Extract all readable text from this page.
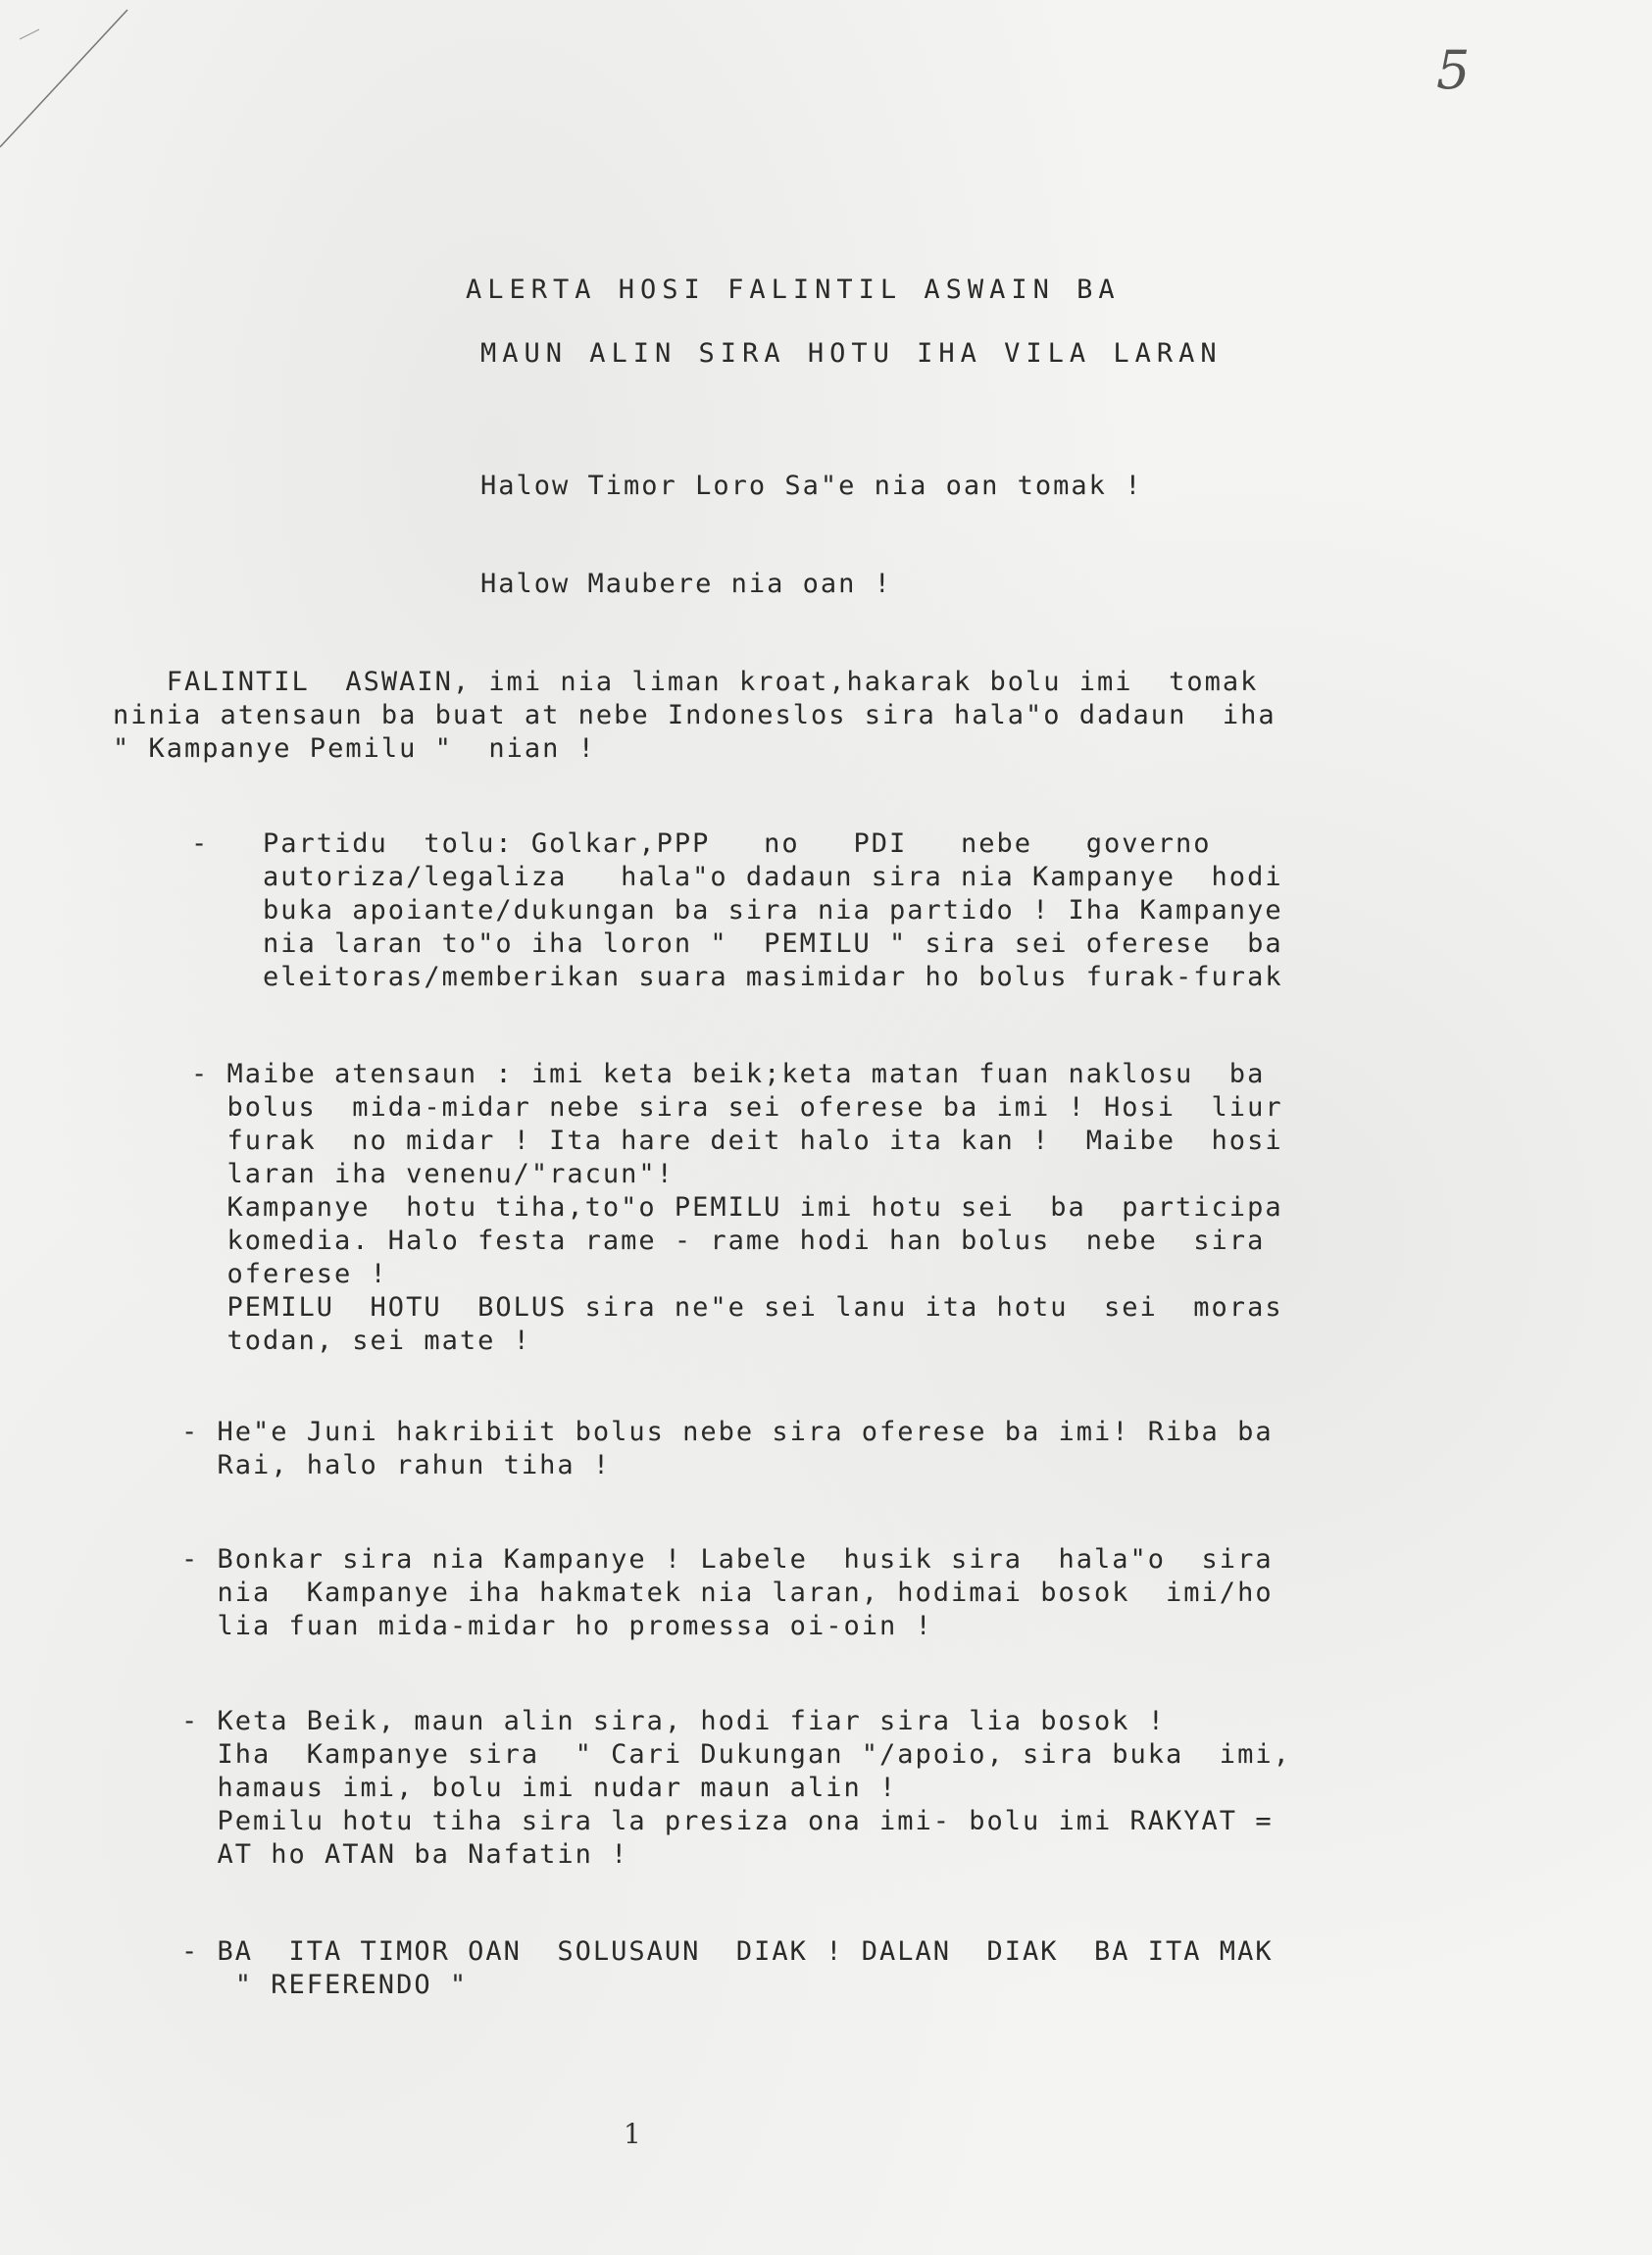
5
ALERTA HOSI FALINTIL ASWAIN BA
MAUN ALIN SIRA HOTU IHA VILA LARAN
Halow Timor Loro Sa"e nia oan tomak !
Halow Maubere nia oan !
FALINTIL  ASWAIN, imi nia liman kroat,hakarak bolu imi  tomak
ninia atensaun ba buat at nebe Indoneslos sira hala"o dadaun  iha
" Kampanye Pemilu "  nian !
-   Partidu  tolu: Golkar,PPP   no   PDI   nebe   governo
autoriza/legaliza   hala"o dadaun sira nia Kampanye  hodi
buka apoiante/dukungan ba sira nia partido ! Iha Kampanye
nia laran to"o iha loron "  PEMILU " sira sei oferese  ba
eleitoras/memberikan suara masimidar ho bolus furak-furak
- Maibe atensaun : imi keta beik;keta matan fuan naklosu  ba
bolus  mida-midar nebe sira sei oferese ba imi ! Hosi  liur
furak  no midar ! Ita hare deit halo ita kan !  Maibe  hosi
laran iha venenu/"racun"!
Kampanye  hotu tiha,to"o PEMILU imi hotu sei  ba  participa
komedia. Halo festa rame - rame hodi han bolus  nebe  sira
oferese !
PEMILU  HOTU  BOLUS sira ne"e sei lanu ita hotu  sei  moras
todan, sei mate !
- He"e Juni hakribiit bolus nebe sira oferese ba imi! Riba ba
Rai, halo rahun tiha !
- Bonkar sira nia Kampanye ! Labele  husik sira  hala"o  sira
nia  Kampanye iha hakmatek nia laran, hodimai bosok  imi/ho
lia fuan mida-midar ho promessa oi-oin !
- Keta Beik, maun alin sira, hodi fiar sira lia bosok !
Iha  Kampanye sira  " Cari Dukungan "/apoio, sira buka  imi,
hamaus imi, bolu imi nudar maun alin !
Pemilu hotu tiha sira la presiza ona imi- bolu imi RAKYAT =
AT ho ATAN ba Nafatin !
- BA  ITA TIMOR OAN  SOLUSAUN  DIAK ! DALAN  DIAK  BA ITA MAK
" REFERENDO "
1
